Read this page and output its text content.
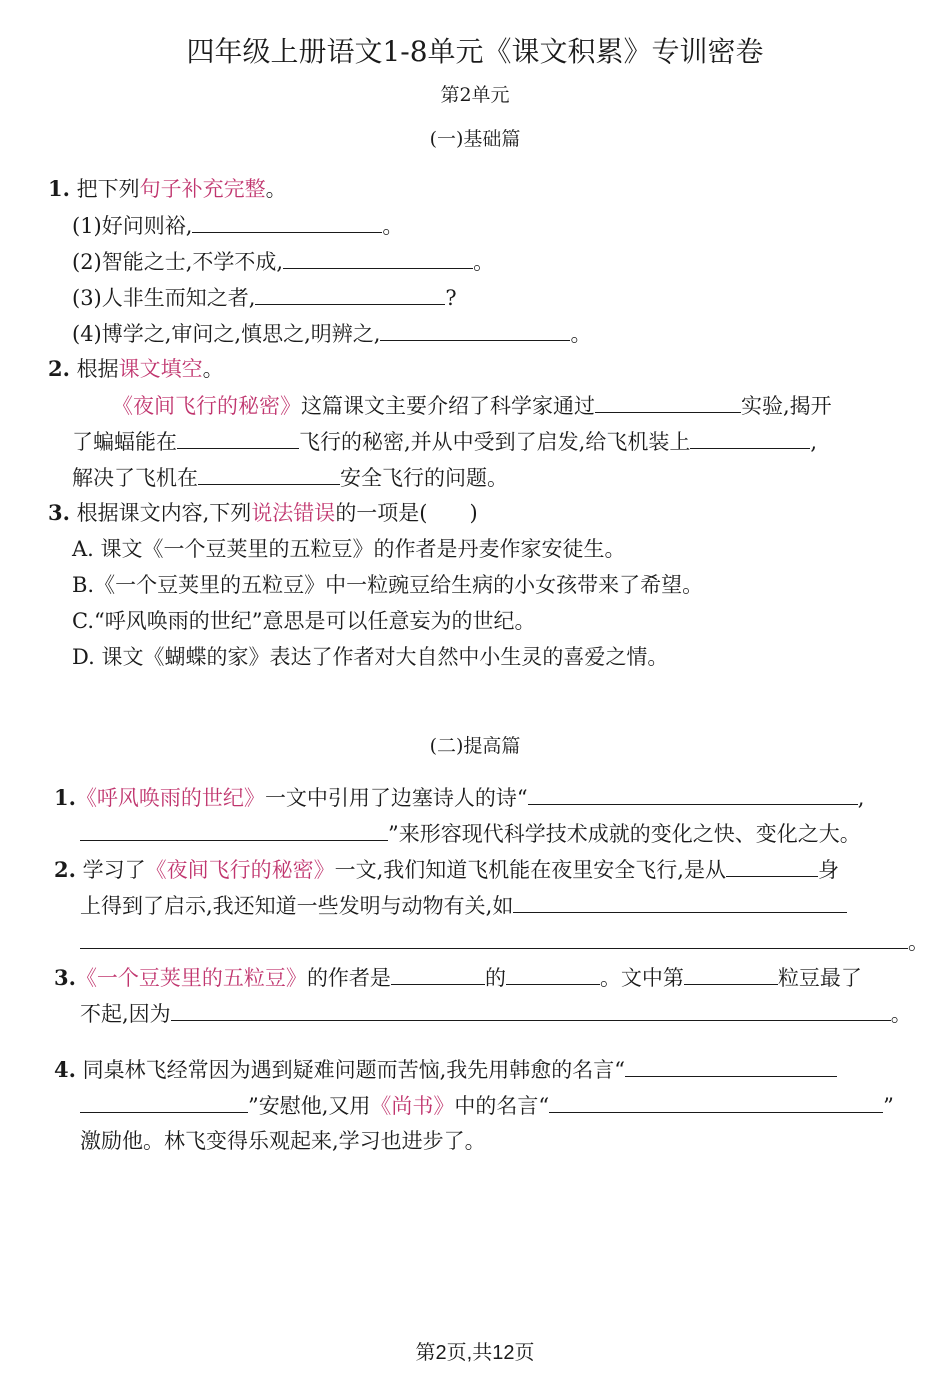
四年级上册语文1-8单元《课文积累》专训密卷
第2单元
(一)基础篇
1. 把下列句子补充完整。
(1)好问则裕,	。
(2)智能之士,不学不成,	。
(3)人非生而知之者,	?
(4)博学之,审问之,慎思之,明辨之,	。
2. 根据课文填空。
《夜间飞行的秘密》这篇课文主要介绍了科学家通过	实验,揭开
了蝙蝠能在	飞行的秘密,并从中受到了启发,给飞机装上	,
解决了飞机在	安全飞行的问题。
3. 根据课文内容,下列说法错误的一项是(　　)
A. 课文《一个豆荚里的五粒豆》的作者是丹麦作家安徒生。
B.《一个豆荚里的五粒豆》中一粒豌豆给生病的小女孩带来了希望。
C.“呼风唤雨的世纪”意思是可以任意妄为的世纪。
D. 课文《蝴蝶的家》表达了作者对大自然中小生灵的喜爱之情。
(二)提高篇
1.《呼风唤雨的世纪》一文中引用了边塞诗人的诗“	,
”来形容现代科学技术成就的变化之快、变化之大。
2. 学习了《夜间飞行的秘密》一文,我们知道飞机能在夜里安全飞行,是从	身
上得到了启示,我还知道一些发明与动物有关,如
。
3.《一个豆荚里的五粒豆》的作者是	的	。文中第	粒豆最了
不起,因为	。
4. 同桌林飞经常因为遇到疑难问题而苦恼,我先用韩愈的名言“
”安慰他,又用《尚书》中的名言“	”
激励他。林飞变得乐观起来,学习也进步了。
第2页,共12页
